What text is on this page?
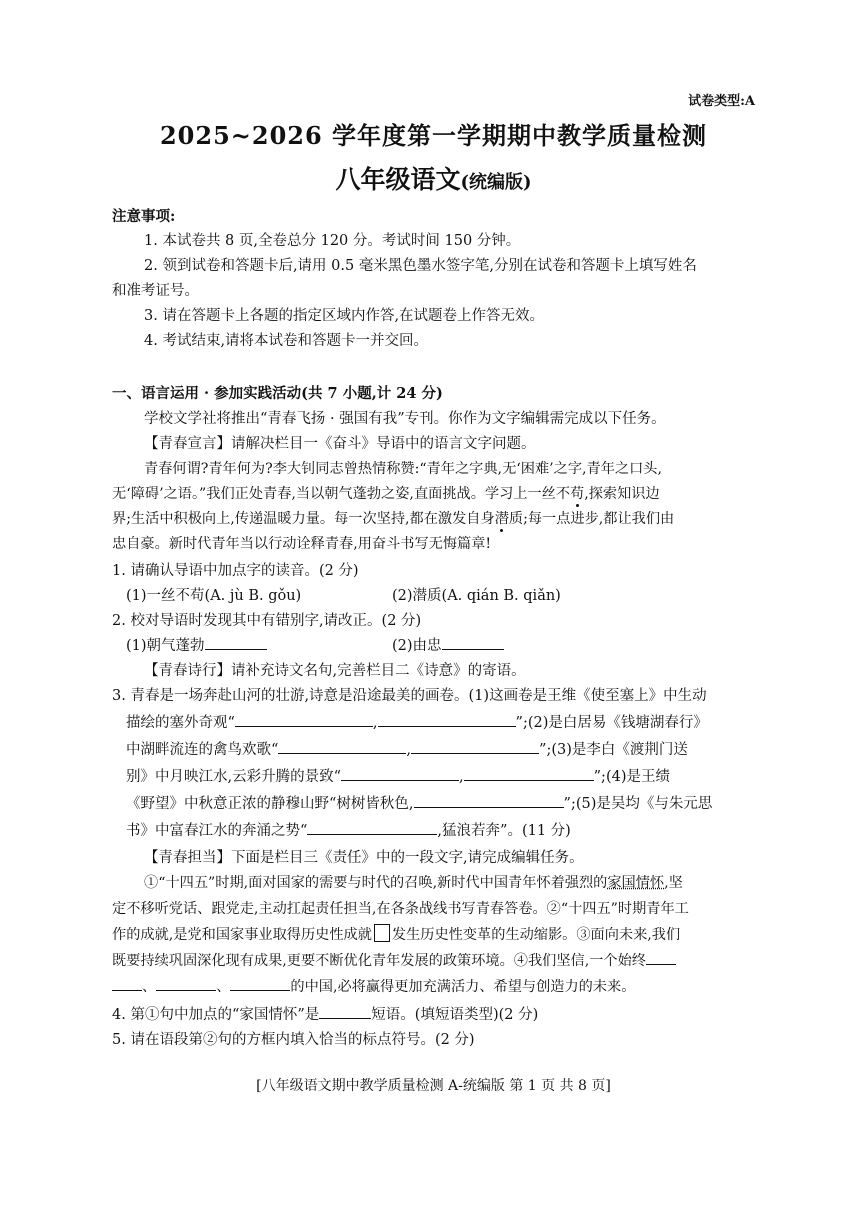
试卷类型:A
2025~2026 学年度第一学期期中教学质量检测
八年级语文(统编版)
注意事项:
1. 本试卷共 8 页,全卷总分 120 分。考试时间 150 分钟。
2. 领到试卷和答题卡后,请用 0.5 毫米黑色墨水签字笔,分别在试卷和答题卡上填写姓名
和准考证号。
3. 请在答题卡上各题的指定区域内作答,在试题卷上作答无效。
4. 考试结束,请将本试卷和答题卡一并交回。
一、语言运用 · 参加实践活动(共 7 小题,计 24 分)
学校文学社将推出“青春飞扬 · 强国有我”专刊。你作为文字编辑需完成以下任务。
【青春宣言】请解决栏目一《奋斗》导语中的语言文字问题。
青春何谓?青年何为?李大钊同志曾热情称赞:“青年之字典,无‘困难’之字,青年之口头,
无‘障碍’之语。”我们正处青春,当以朝气蓬勃之姿,直面挑战。学习上一丝不苟,探索知识边
界;生活中积极向上,传递温暖力量。每一次坚持,都在激发自身潜质;每一点进步,都让我们由
忠自豪。新时代青年当以行动诠释青春,用奋斗书写无悔篇章!
1. 请确认导语中加点字的读音。(2 分)
(1)一丝不苟(A. jù B. gǒu)	(2)潜质(A. qián B. qiǎn)
2. 校对导语时发现其中有错别字,请改正。(2 分)
(1)朝气蓬勃	(2)由忠
【青春诗行】请补充诗文名句,完善栏目二《诗意》的寄语。
3. 青春是一场奔赴山河的壮游,诗意是沿途最美的画卷。(1)这画卷是王维《使至塞上》中生动
描绘的塞外奇观“	,	”;(2)是白居易《钱塘湖春行》
中湖畔流连的禽鸟欢歌“	,	”;(3)是李白《渡荆门送
别》中月映江水,云彩升腾的景致“	,	”;(4)是王绩
《野望》中秋意正浓的静穆山野“树树皆秋色,	”;(5)是吴均《与朱元思
书》中富春江水的奔涌之势“	,猛浪若奔”。(11 分)
【青春担当】下面是栏目三《责任》中的一段文字,请完成编辑任务。
①“十四五”时期,面对国家的需要与时代的召唤,新时代中国青年怀着强烈的家国情怀,坚
定不移听党话、跟党走,主动扛起责任担当,在各条战线书写青春答卷。②“十四五”时期青年工
作的成就,是党和国家事业取得历史性成就 发生历史性变革的生动缩影。③面向未来,我们
既要持续巩固深化现有成果,更要不断优化青年发展的政策环境。④我们坚信,一个始终
、	、	的中国,必将赢得更加充满活力、希望与创造力的未来。
4. 第①句中加点的“家国情怀”是	短语。(填短语类型)(2 分)
5. 请在语段第②句的方框内填入恰当的标点符号。(2 分)
[八年级语文期中教学质量检测 A-统编版 第 1 页 共 8 页]
